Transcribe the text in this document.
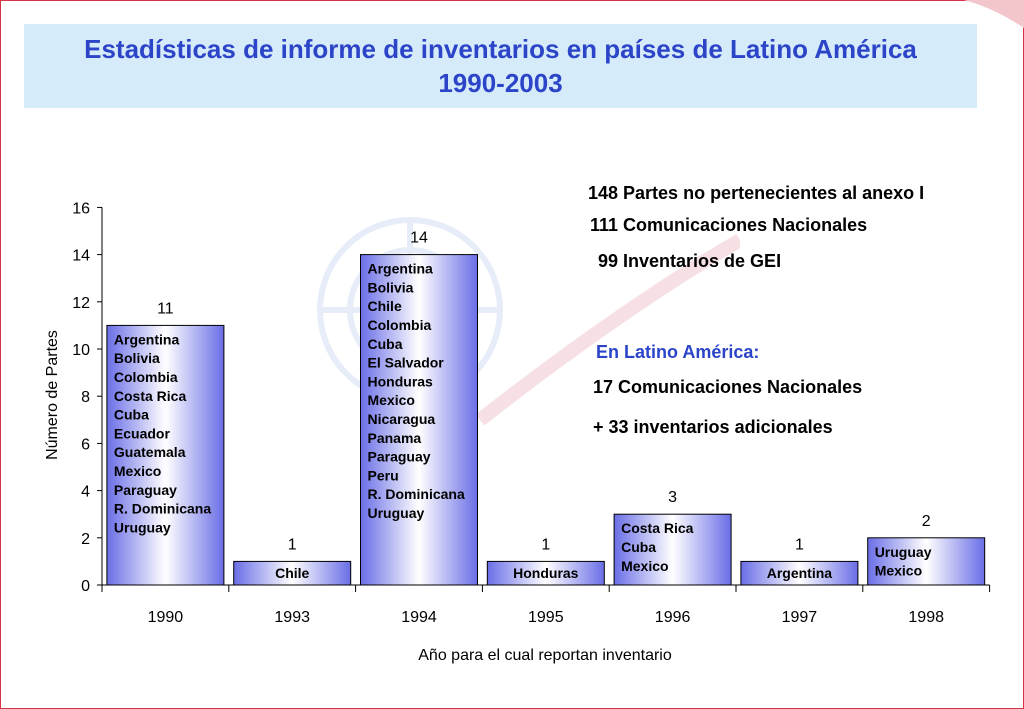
Estadísticas de informe de inventarios en países de Latino América
1990-2003
148 Partes no pertenecientes al anexo I
111 Comunicaciones Nacionales
99 Inventarios de GEI
En Latino América:
17 Comunicaciones Nacionales
+ 33 inventarios adicionales
0
2
4
6
8
10
12
14
16
1990	1993	1994	1995	1996	1997	1998
11
Argentina
Bolivia
Colombia
Costa Rica
Cuba
Ecuador
Guatemala
Mexico
Paraguay
R. Dominicana
Uruguay
1
Chile
14
Argentina
Bolivia
Chile
Colombia
Cuba
El Salvador
Honduras
Mexico
Nicaragua
Panama
Paraguay
Peru
R. Dominicana
Uruguay
1
Honduras
3
Costa Rica
Cuba
Mexico
1
Argentina
2
Uruguay
Mexico
Número de Partes
Año para el cual reportan inventario
